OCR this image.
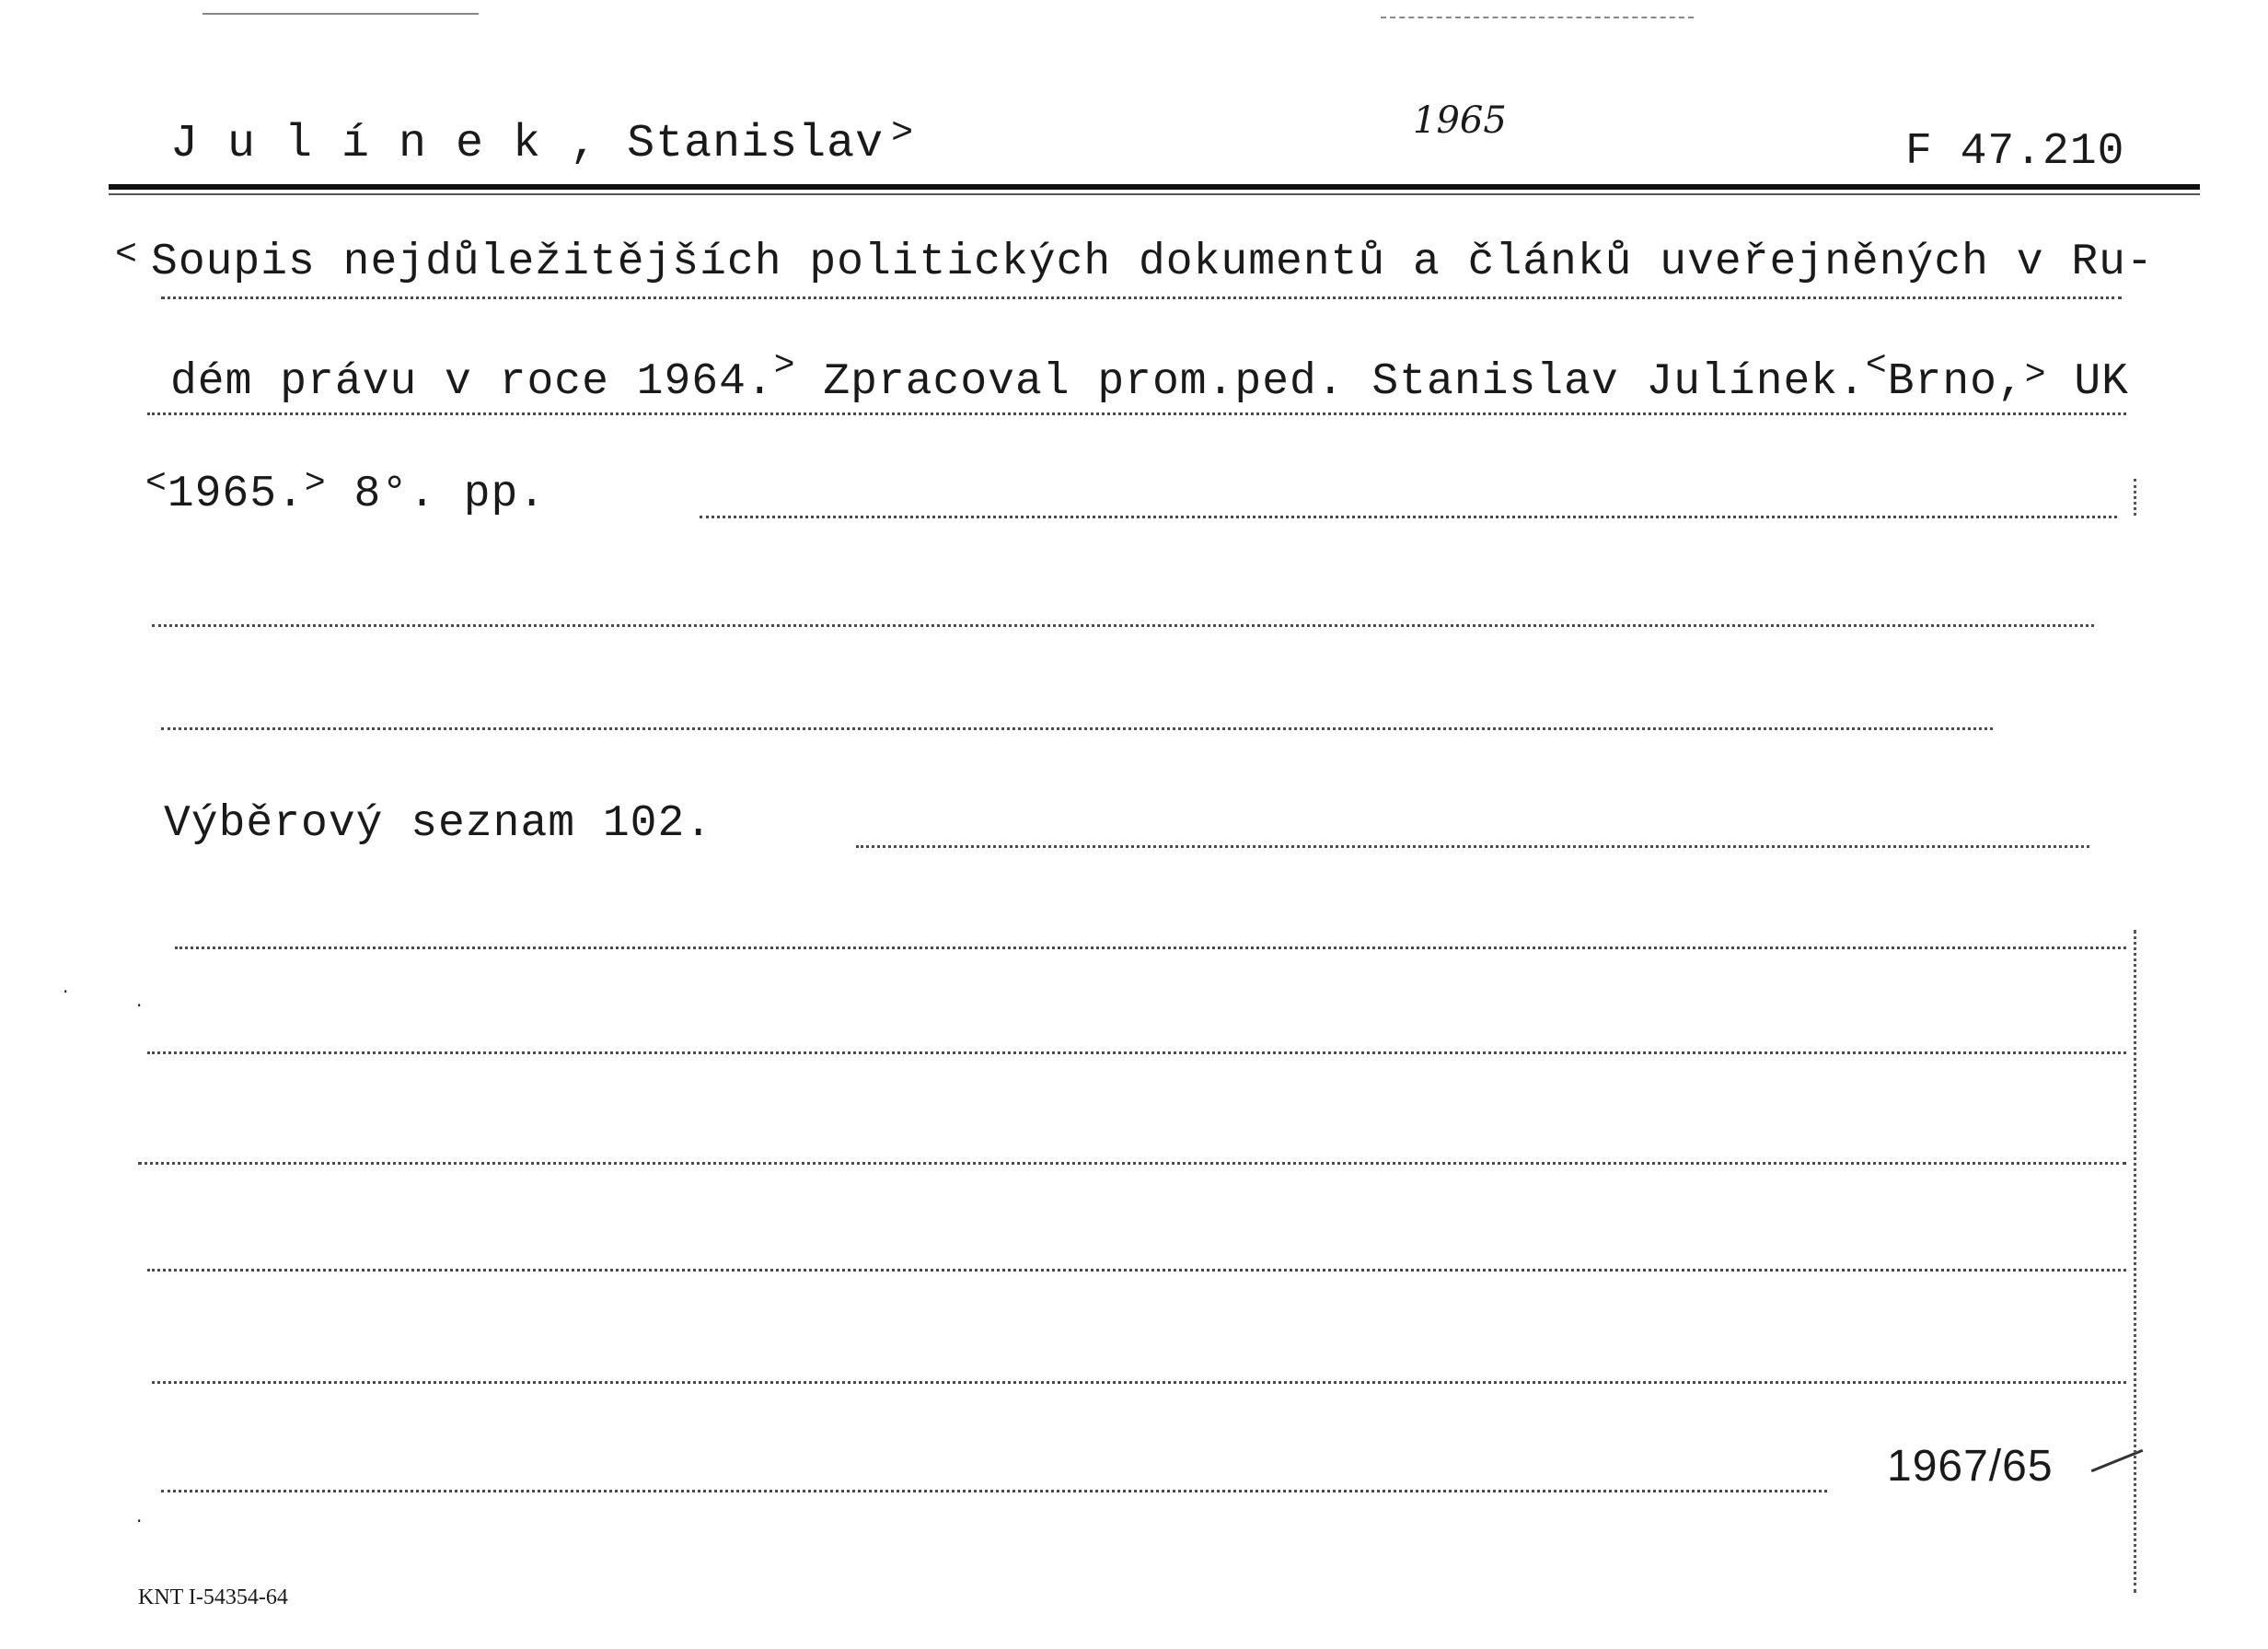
J u l í n e k , Stanislav >	1965
F 47.210
< Soupis nejdůležitějších politických dokumentů a článků uveřejněných v Ru-
dém právu v roce 1964.> Zpracoval prom.ped. Stanislav Julínek.<Brno,> UK
<1965.> 8°. pp.
Výběrový seznam 102.
1967/65
·
·
·
KNT I-54354-64
